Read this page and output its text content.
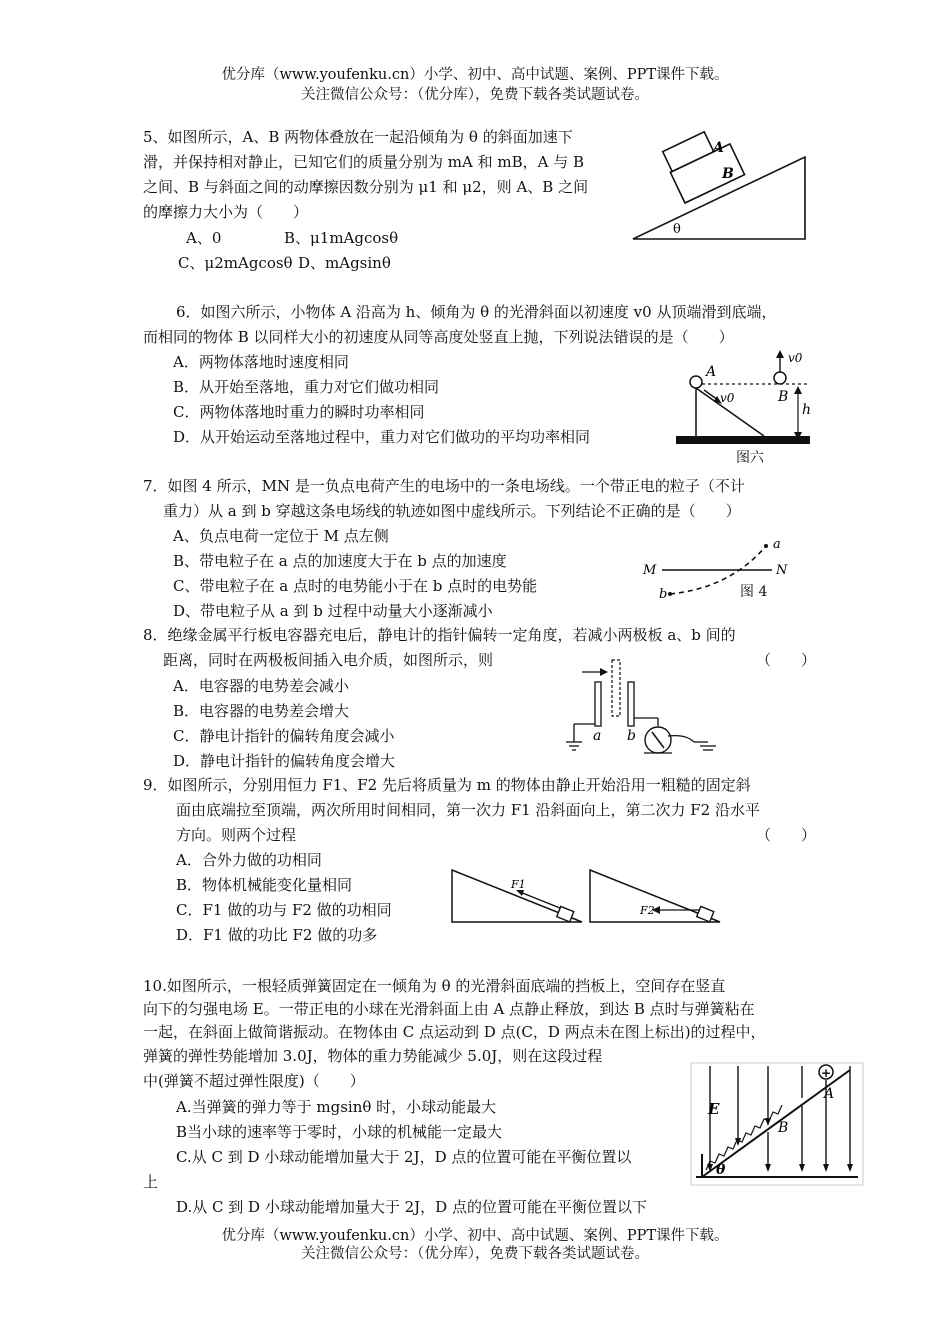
优分库（www.youfenku.cn）小学、初中、高中试题、案例、PPT课件下载。
关注微信公众号：（优分库），免费下载各类试题试卷。
5、如图所示，A、B 两物体叠放在一起沿倾角为 θ 的斜面加速下
滑，并保持相对静止，已知它们的质量分别为 mA 和 mB，A 与 B
之间、B 与斜面之间的动摩擦因数分别为 μ1 和 μ2，则 A、B 之间
的摩擦力大小为（　　）
A、0	B、μ1mAgcosθ
C、μ2mAgcosθ D、mAgsinθ
A
B
θ
6．如图六所示，小物体 A 沿高为 h、倾角为 θ 的光滑斜面以初速度 v0 从顶端滑到底端，
而相同的物体 B 以同样大小的初速度从同等高度处竖直上抛，下列说法错误的是（　　）
A．两物体落地时速度相同
B．从开始至落地，重力对它们做功相同
C．两物体落地时重力的瞬时功率相同
D．从开始运动至落地过程中，重力对它们做功的平均功率相同
A
B
v0
v0
h
图六
7．如图 4 所示，MN 是一负点电荷产生的电场中的一条电场线。一个带正电的粒子（不计
重力）从 a 到 b 穿越这条电场线的轨迹如图中虚线所示。下列结论不正确的是（　　）
A、负点电荷一定位于 M 点左侧
B、带电粒子在 a 点的加速度大于在 b 点的加速度
C、带电粒子在 a 点时的电势能小于在 b 点时的电势能
D、带电粒子从 a 到 b 过程中动量大小逐渐减小
M	N
a
b	图 4
8．绝缘金属平行板电容器充电后，静电计的指针偏转一定角度，若减小两极板 a、b 间的
距离，同时在两极板间插入电介质，如图所示，则	（　　）
A．电容器的电势差会减小
B．电容器的电势差会增大
C．静电计指针的偏转角度会减小
D．静电计指针的偏转角度会增大
a b
9．如图所示，分别用恒力 F1、F2 先后将质量为 m 的物体由静止开始沿用一粗糙的固定斜
面由底端拉至顶端，两次所用时间相同，第一次力 F1 沿斜面向上，第二次力 F2 沿水平
方向。则两个过程	（　　）
A．合外力做的功相同
B．物体机械能变化量相同
C．F1 做的功与 F2 做的功相同
D．F1 做的功比 F2 做的功多
F1
F2
10.如图所示，一根轻质弹簧固定在一倾角为 θ 的光滑斜面底端的挡板上，空间存在竖直
向下的匀强电场 E。一带正电的小球在光滑斜面上由 A 点静止释放，到达 B 点时与弹簧粘在
一起，在斜面上做简谐振动。在物体由 C 点运动到 D 点(C，D 两点未在图上标出)的过程中，
弹簧的弹性势能增加 3.0J，物体的重力势能减少 5.0J，则在这段过程
中(弹簧不超过弹性限度)（　　）
A.当弹簧的弹力等于 mgsinθ 时，小球动能最大
B当小球的速率等于零时，小球的机械能一定最大
C.从 C 到 D 小球动能增加量大于 2J，D 点的位置可能在平衡位置以
上
D.从 C 到 D 小球动能增加量大于 2J，D 点的位置可能在平衡位置以下
+
E
A
B
θ
优分库（www.youfenku.cn）小学、初中、高中试题、案例、PPT课件下载。
关注微信公众号：（优分库），免费下载各类试题试卷。
